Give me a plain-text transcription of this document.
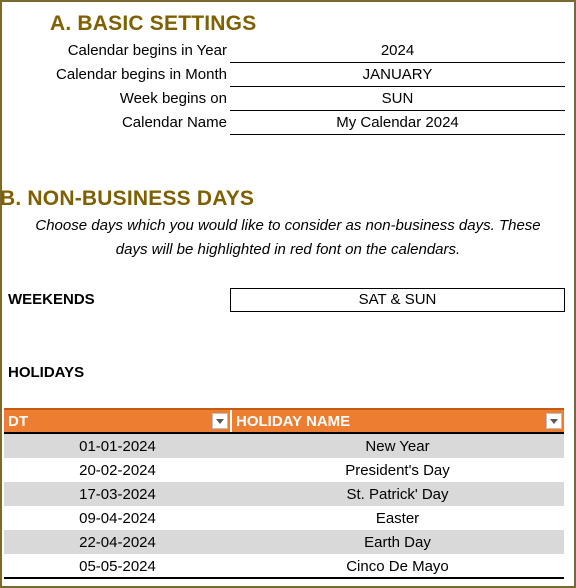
A. BASIC SETTINGS
Calendar begins in Year	2024
Calendar begins in Month	JANUARY
Week begins on	SUN
Calendar Name	My Calendar 2024
B. NON-BUSINESS DAYS
Choose days which you would like to consider as non-business days. These
days will be highlighted in red font on the calendars.
WEEKENDS	SAT & SUN
HOLIDAYS
DT	HOLIDAY NAME

01-01-2024	New Year
20-02-2024	President's Day
17-03-2024	St. Patrick' Day
09-04-2024	Easter
22-04-2024	Earth Day
05-05-2024	Cinco De Mayo
